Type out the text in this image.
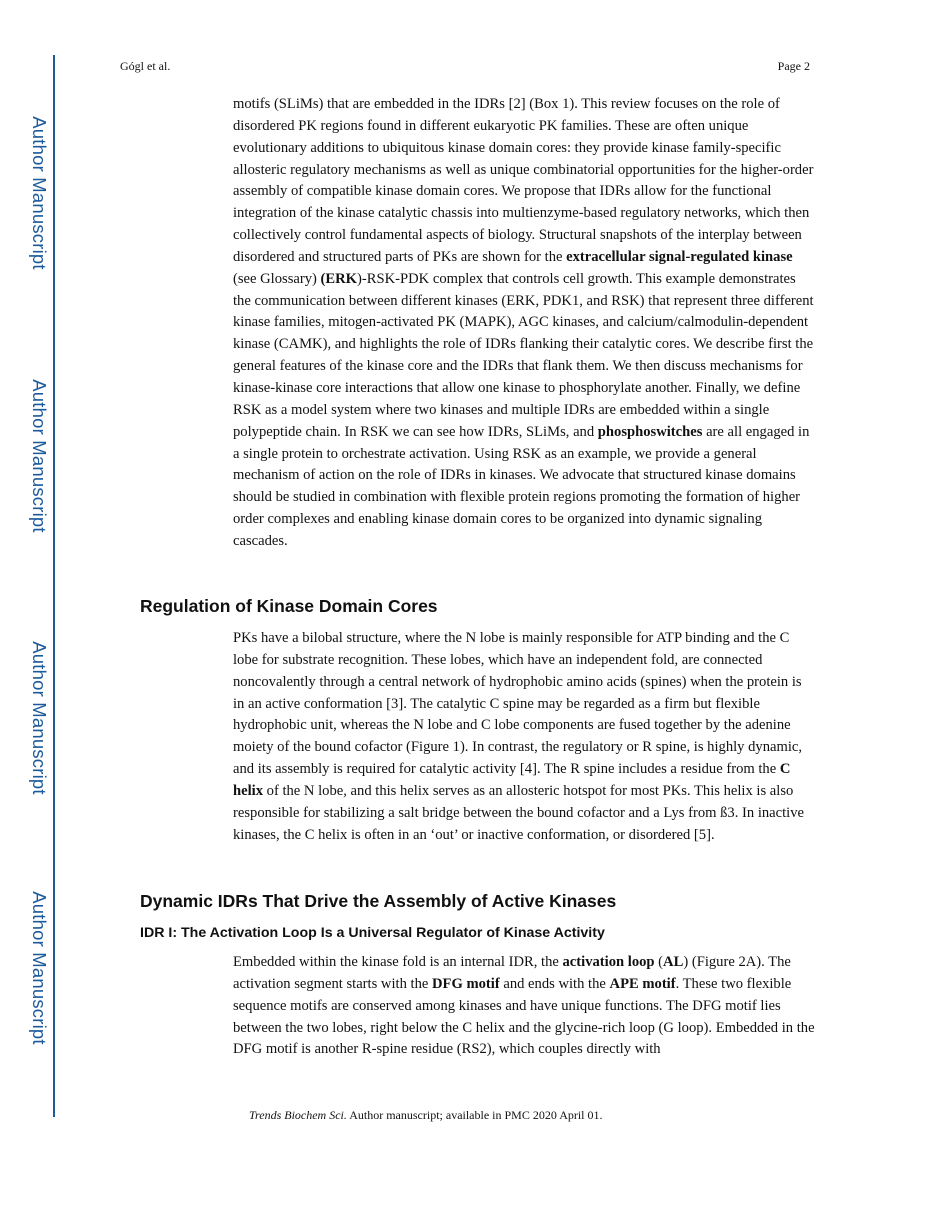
Author Manuscript
Author Manuscript
Author Manuscript
Author Manuscript
Gógl et al.	Page 2

motifs (SLiMs) that are embedded in the IDRs [2] (Box 1). This review focuses on the role of disordered PK regions found in different eukaryotic PK families. These are often unique evolutionary additions to ubiquitous kinase domain cores: they provide kinase family-specific allosteric regulatory mechanisms as well as unique combinatorial opportunities for the higher-order assembly of compatible kinase domain cores. We propose that IDRs allow for the functional integration of the kinase catalytic chassis into multienzyme-based regulatory networks, which then collectively control fundamental aspects of biology. Structural snapshots of the interplay between disordered and structured parts of PKs are shown for the extracellular signal-regulated kinase (see Glossary) (ERK)-RSK-PDK complex that controls cell growth. This example demonstrates the communication between different kinases (ERK, PDK1, and RSK) that represent three different kinase families, mitogen-activated PK (MAPK), AGC kinases, and calcium/calmodulin-dependent kinase (CAMK), and highlights the role of IDRs flanking their catalytic cores. We describe first the general features of the kinase core and the IDRs that flank them. We then discuss mechanisms for kinase-kinase core interactions that allow one kinase to phosphorylate another. Finally, we define RSK as a model system where two kinases and multiple IDRs are embedded within a single polypeptide chain. In RSK we can see how IDRs, SLiMs, and phosphoswitches are all engaged in a single protein to orchestrate activation. Using RSK as an example, we provide a general mechanism of action on the role of IDRs in kinases. We advocate that structured kinase domains should be studied in combination with flexible protein regions promoting the formation of higher order complexes and enabling kinase domain cores to be organized into dynamic signaling cascades.

Regulation of Kinase Domain Cores

PKs have a bilobal structure, where the N lobe is mainly responsible for ATP binding and the C lobe for substrate recognition. These lobes, which have an independent fold, are connected noncovalently through a central network of hydrophobic amino acids (spines) when the protein is in an active conformation [3]. The catalytic C spine may be regarded as a firm but flexible hydrophobic unit, whereas the N lobe and C lobe components are fused together by the adenine moiety of the bound cofactor (Figure 1). In contrast, the regulatory or R spine, is highly dynamic, and its assembly is required for catalytic activity [4]. The R spine includes a residue from the C helix of the N lobe, and this helix serves as an allosteric hotspot for most PKs. This helix is also responsible for stabilizing a salt bridge between the bound cofactor and a Lys from ß3. In inactive kinases, the C helix is often in an ‘out’ or inactive conformation, or disordered [5].

Dynamic IDRs That Drive the Assembly of Active Kinases
IDR I: The Activation Loop Is a Universal Regulator of Kinase Activity

Embedded within the kinase fold is an internal IDR, the activation loop (AL) (Figure 2A). The activation segment starts with the DFG motif and ends with the APE motif. These two flexible sequence motifs are conserved among kinases and have unique functions. The DFG motif lies between the two lobes, right below the C helix and the glycine-rich loop (G loop). Embedded in the DFG motif is another R-spine residue (RS2), which couples directly with

Trends Biochem Sci. Author manuscript; available in PMC 2020 April 01.
